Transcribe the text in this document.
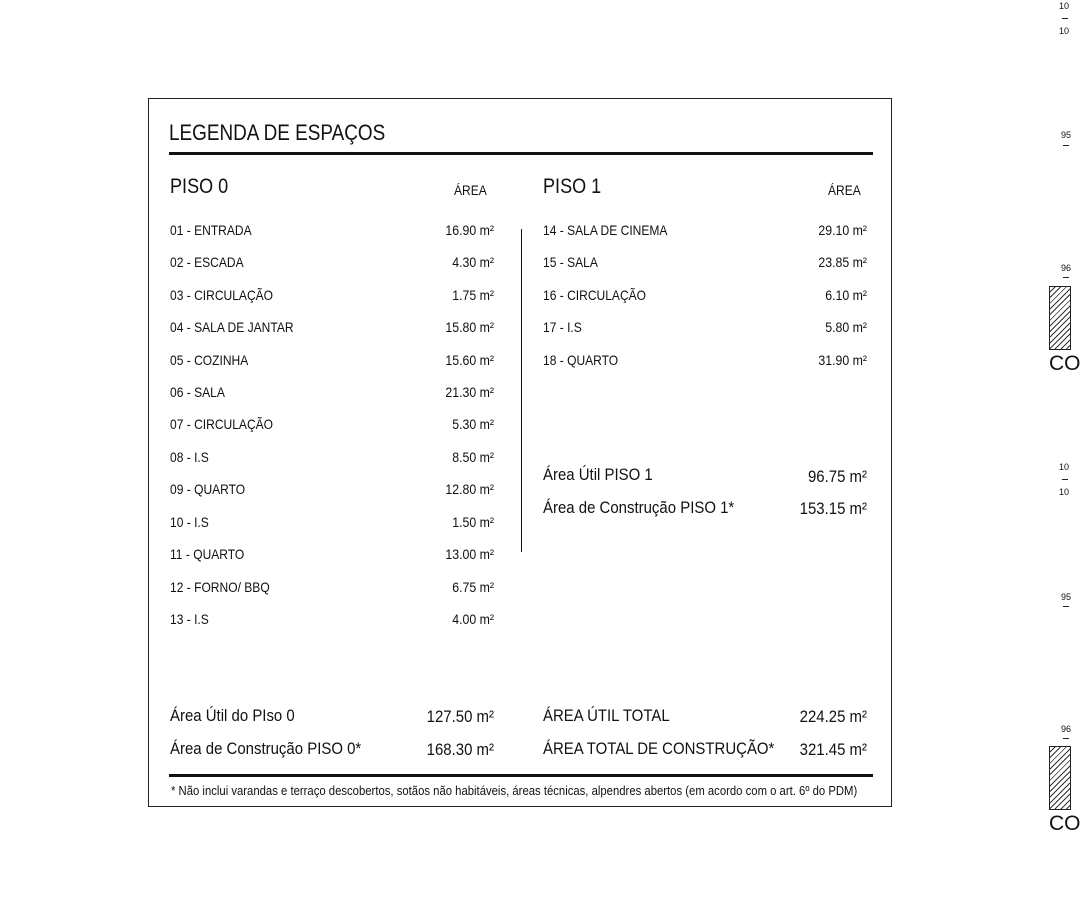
LEGENDA DE ESPAÇOS
PISO 0	ÁREA	PISO 1	ÁREA
01 - ENTRADA	16.90 m²
02 - ESCADA	4.30 m²
03 - CIRCULAÇÃO	1.75 m²
04 - SALA DE JANTAR	15.80 m²
05 - COZINHA	15.60 m²
06 - SALA	21.30 m²
07 - CIRCULAÇÃO	5.30 m²
08 - I.S	8.50 m²
09 - QUARTO	12.80 m²
10 - I.S	1.50 m²
11 - QUARTO	13.00 m²
12 - FORNO/ BBQ	6.75 m²
13 - I.S	4.00 m²
14 - SALA DE CINEMA	29.10 m²
15 - SALA	23.85 m²
16 - CIRCULAÇÃO	6.10 m²
17 - I.S	5.80 m²
18 - QUARTO	31.90 m²
Área Útil PISO 1	96.75 m²
Área de Construção PISO 1*	153.15 m²
Área Útil do PIso 0	127.50 m²
Área de Construção PISO 0*	168.30 m²
ÁREA ÚTIL TOTAL	224.25 m²
ÁREA TOTAL DE CONSTRUÇÃO*	321.45 m²
* Não inclui varandas e terraço descobertos, sotãos não habitáveis, áreas técnicas, alpendres abertos (em acordo com o art. 6º do PDM)
10
10
95
96
CO
10
10
95
96
CO
